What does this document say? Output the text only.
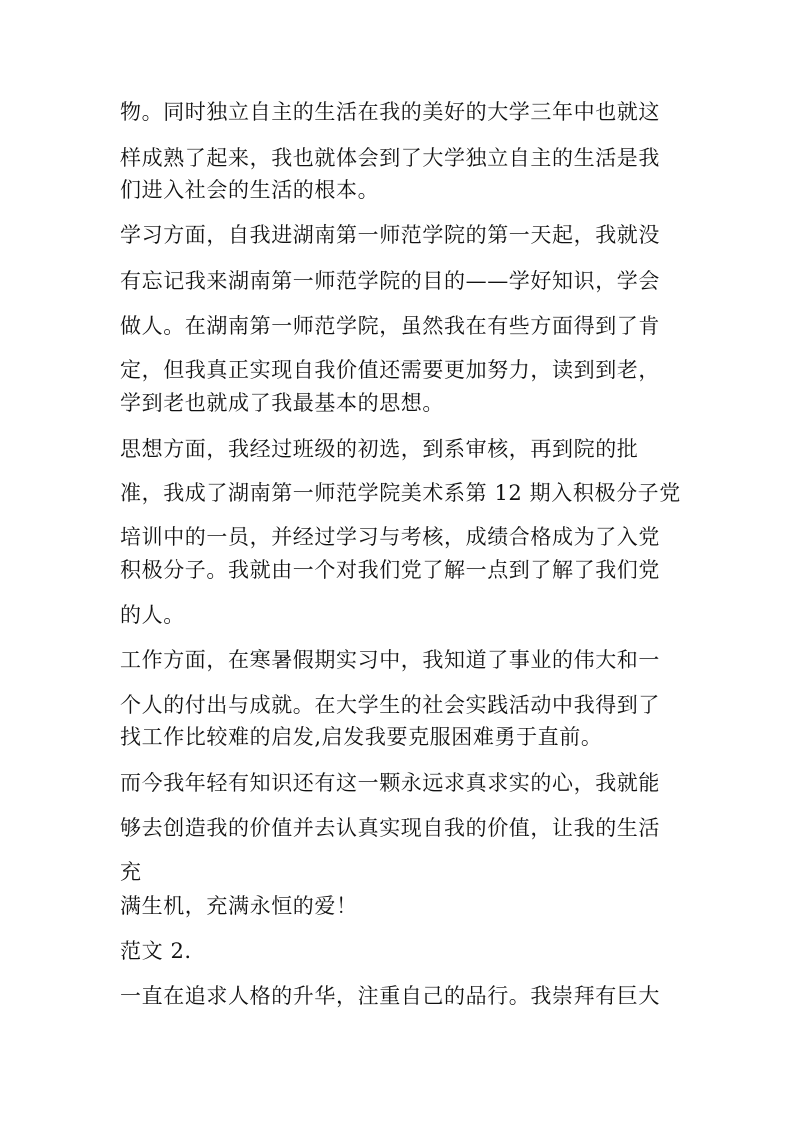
物。同时独立自主的生活在我的美好的大学三年中也就这
样成熟了起来，我也就体会到了大学独立自主的生活是我
们进入社会的生活的根本。
学习方面，自我进湖南第一师范学院的第一天起，我就没
有忘记我来湖南第一师范学院的目的——学好知识，学会
做人。在湖南第一师范学院，虽然我在有些方面得到了肯
定，但我真正实现自我价值还需要更加努力，读到到老，
学到老也就成了我最基本的思想。
思想方面，我经过班级的初选，到系审核，再到院的批
准，我成了湖南第一师范学院美术系第 12 期入积极分子党
培训中的一员，并经过学习与考核，成绩合格成为了入党
积极分子。我就由一个对我们党了解一点到了解了我们党
的人。
工作方面，在寒暑假期实习中，我知道了事业的伟大和一
个人的付出与成就。在大学生的社会实践活动中我得到了
找工作比较难的启发,启发我要克服困难勇于直前。
而今我年轻有知识还有这一颗永远求真求实的心，我就能
够去创造我的价值并去认真实现自我的价值，让我的生活
充
满生机，充满永恒的爱！
范文 2.
一直在追求人格的升华，注重自己的品行。我崇拜有巨大
